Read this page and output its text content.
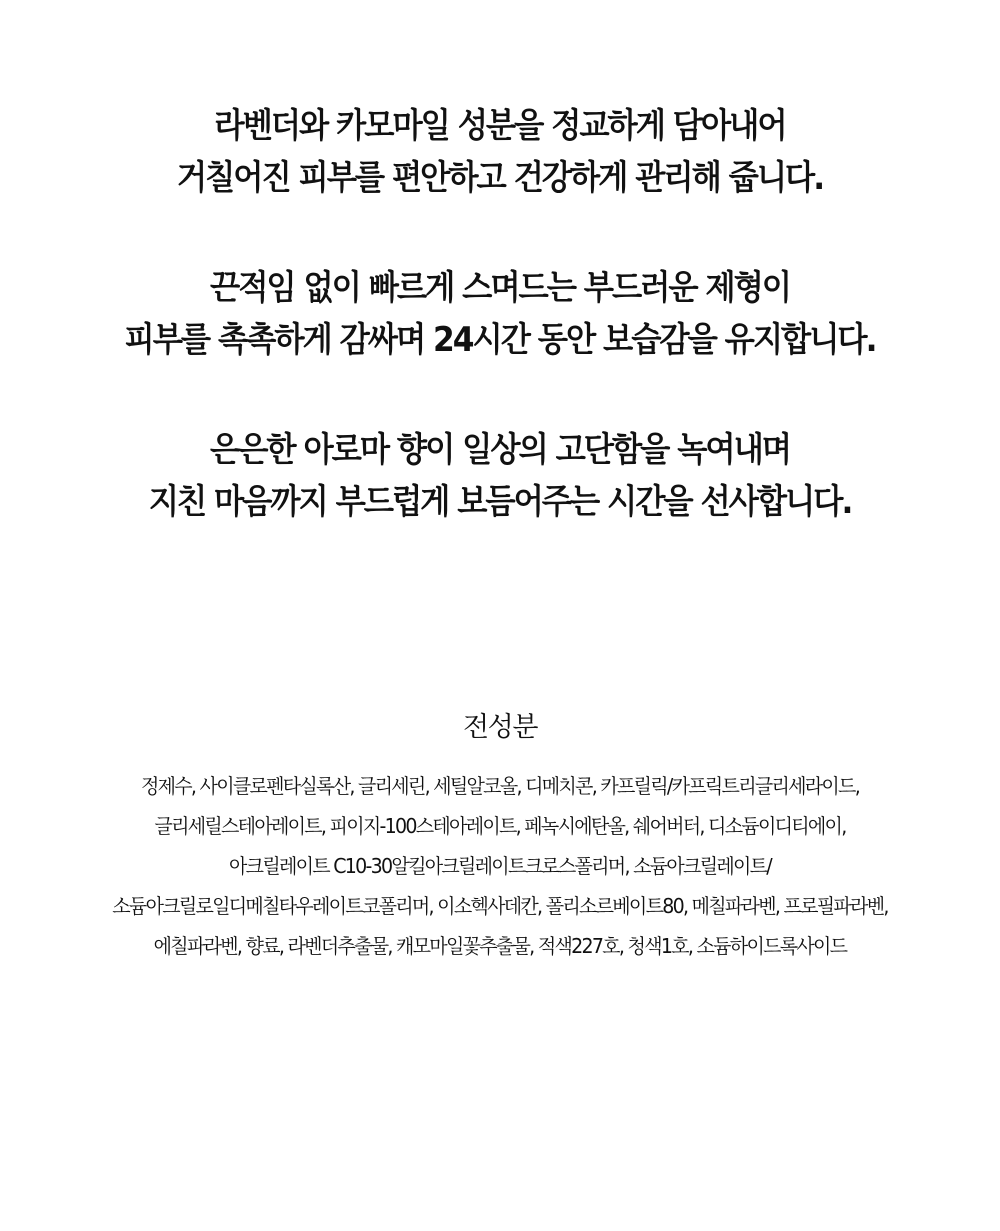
라벤더와 카모마일 성분을 정교하게 담아내어
거칠어진 피부를 편안하고 건강하게 관리해 줍니다.
끈적임 없이 빠르게 스며드는 부드러운 제형이
피부를 촉촉하게 감싸며 24시간 동안 보습감을 유지합니다.
은은한 아로마 향이 일상의 고단함을 녹여내며
지친 마음까지 부드럽게 보듬어주는 시간을 선사합니다.
전성분
정제수, 사이클로펜타실록산, 글리세린, 세틸알코올, 디메치콘, 카프릴릭/카프릭트리글리세라이드,
글리세릴스테아레이트, 피이지-100스테아레이트, 페녹시에탄올, 쉐어버터, 디소듐이디티에이,
아크릴레이트 C10-30알킬아크릴레이트크로스폴리머, 소듐아크릴레이트/
소듐아크릴로일디메칠타우레이트코폴리머, 이소헥사데칸, 폴리소르베이트80, 메칠파라벤, 프로필파라벤,
에칠파라벤, 향료, 라벤더추출물, 캐모마일꽃추출물, 적색227호, 청색1호, 소듐하이드록사이드
